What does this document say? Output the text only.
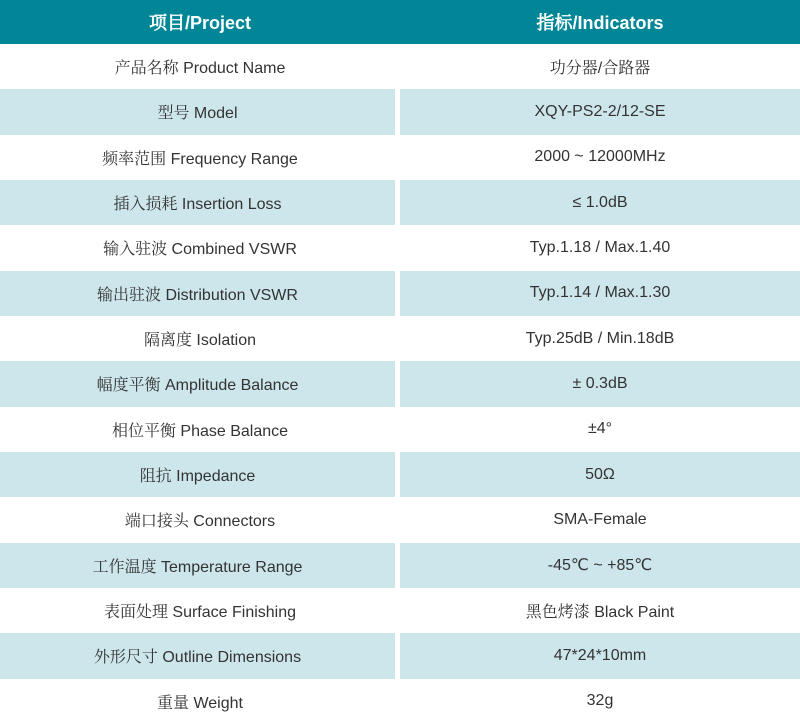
项目/Project	指标/Indicators
产品名称 Product Name	功分器/合路器
型号 Model	XQY-PS2-2/12-SE
频率范围 Frequency Range	2000 ~ 12000MHz
插入损耗 Insertion Loss	≤ 1.0dB
输入驻波 Combined VSWR	Typ.1.18 / Max.1.40
输出驻波 Distribution VSWR	Typ.1.14 / Max.1.30
隔离度 Isolation	Typ.25dB / Min.18dB
幅度平衡 Amplitude Balance	± 0.3dB
相位平衡 Phase Balance	±4°
阻抗 Impedance	50Ω
端口接头 Connectors	SMA-Female
工作温度 Temperature Range	-45℃ ~ +85℃
表面处理 Surface Finishing	黑色烤漆 Black Paint
外形尺寸 Outline Dimensions	47*24*10mm
重量 Weight	32g
